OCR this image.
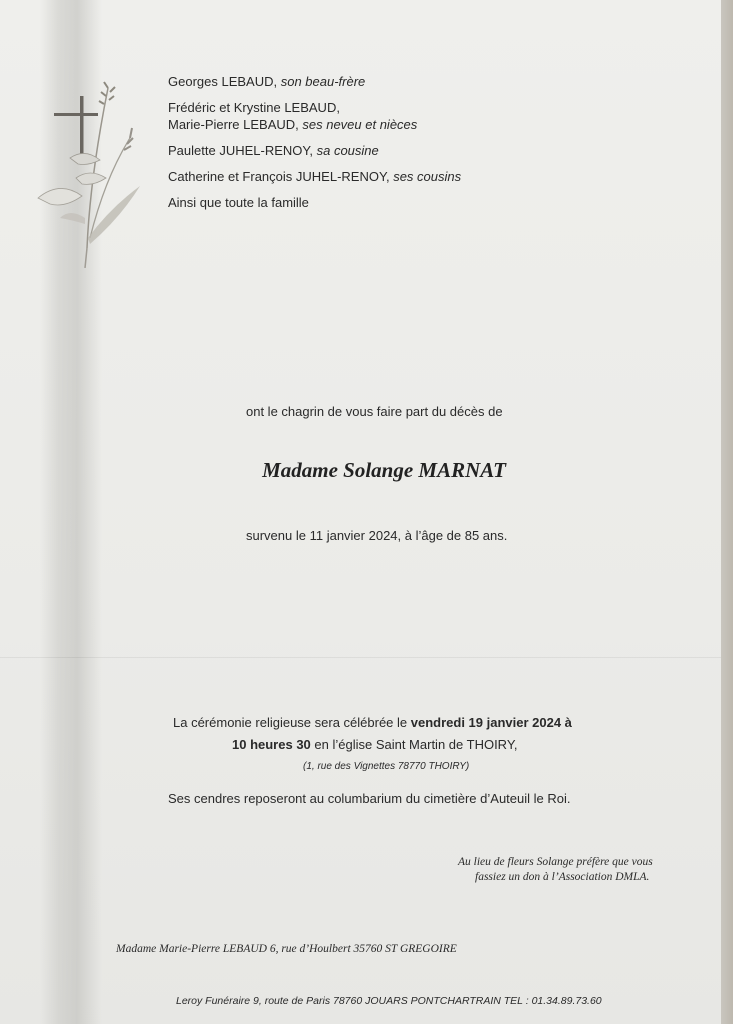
Georges LEBAUD, son beau-frère
Frédéric et Krystine LEBAUD,
Marie-Pierre LEBAUD, ses neveu et nièces
Paulette JUHEL-RENOY, sa cousine
Catherine et François JUHEL-RENOY, ses cousins
Ainsi que toute la famille
ont le chagrin de vous faire part du décès de
Madame Solange MARNAT
survenu le 11 janvier 2024, à l’âge de 85 ans.
La cérémonie religieuse sera célébrée le vendredi 19 janvier 2024 à
10 heures 30 en l’église Saint Martin de THOIRY,
(1, rue des Vignettes 78770 THOIRY)
Ses cendres reposeront au columbarium du cimetière d’Auteuil le Roi.
Au lieu de fleurs Solange préfère que vous
fassiez un don à l’Association DMLA.
Madame Marie-Pierre LEBAUD 6, rue d’Houlbert 35760 ST GREGOIRE
Leroy Funéraire 9, route de Paris 78760 JOUARS PONTCHARTRAIN TEL : 01.34.89.73.60
